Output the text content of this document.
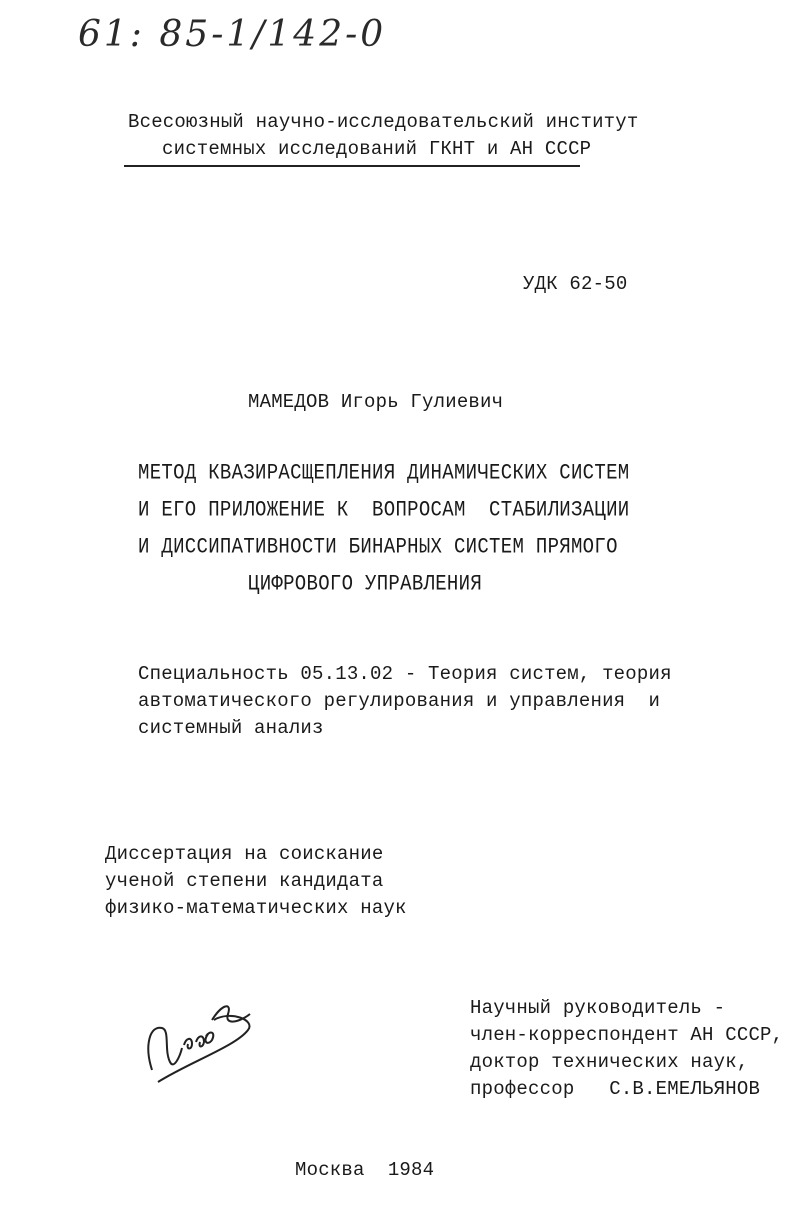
61: 85-1/142-0
Всесоюзный научно-исследовательский институт
системных исследований ГКНТ и АН СССР
УДК 62-50
МАМЕДОВ Игорь Гулиевич
МЕТОД КВАЗИРАСЩЕПЛЕНИЯ ДИНАМИЧЕСКИХ СИСТЕМ
И ЕГО ПРИЛОЖЕНИЕ К  ВОПРОСАМ  СТАБИЛИЗАЦИИ
И ДИССИПАТИВНОСТИ БИНАРНЫХ СИСТЕМ ПРЯМОГО
ЦИФРОВОГО УПРАВЛЕНИЯ
Специальность 05.13.02 - Теория систем, теория
автоматического регулирования и управления  и
системный анализ
Диссертация на соискание
ученой степени кандидата
физико-математических наук
Научный руководитель -
член-корреспондент АН СССР,
доктор технических наук,
профессор   С.В.ЕМЕЛЬЯНОВ
Москва  1984
